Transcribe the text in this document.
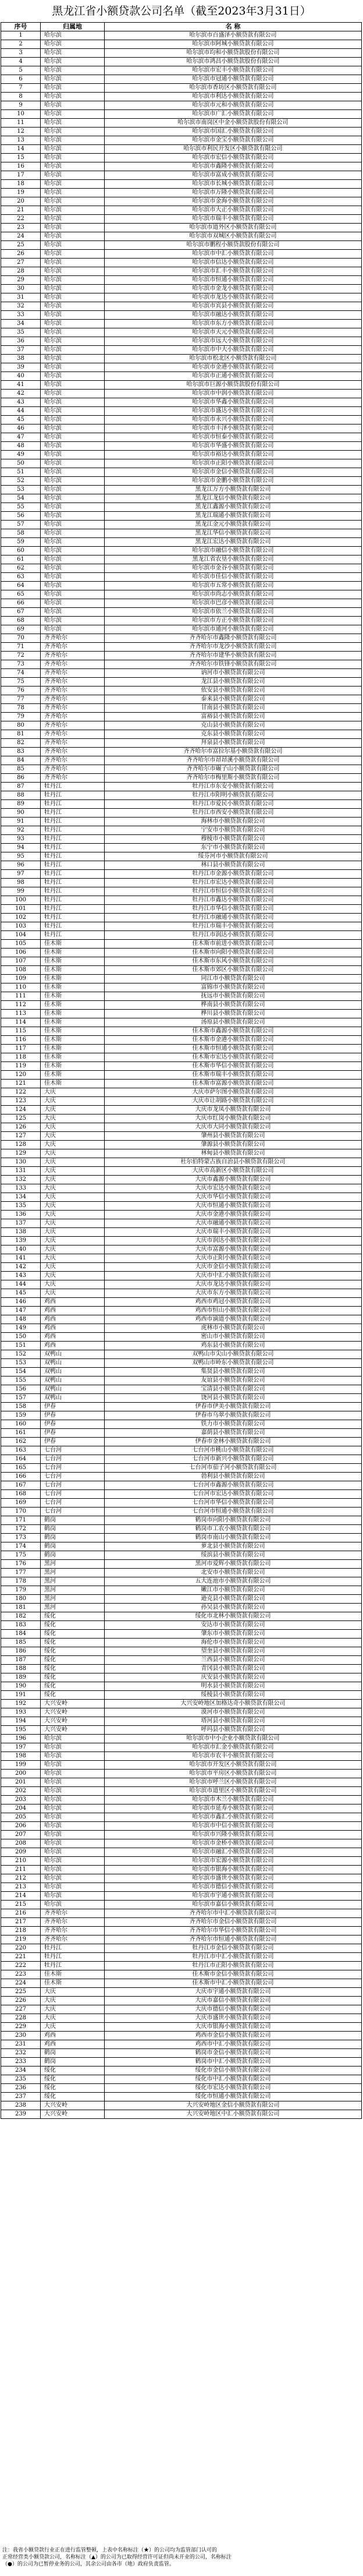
黑龙江省小额贷款公司名单（截至2023年3月31日）
序号	归属地	名 称
1	哈尔滨	哈尔滨市百盛泽小额贷款有限公司
2	哈尔滨	哈尔滨市阿城小额贷款有限公司
3	哈尔滨	哈尔滨市均和小额贷款股份有限公司
4	哈尔滨	哈尔滨市鸿昌小额贷款股份有限公司
5	哈尔滨	哈尔滨市宏丰小额贷款有限公司
6	哈尔滨	哈尔滨市冠通小额贷款有限公司
7	哈尔滨	哈尔滨市香坊区小额贷款有限公司
8	哈尔滨	哈尔滨市利达小额贷款有限公司
9	哈尔滨	哈尔滨市元和小额贷款有限公司
10	哈尔滨	哈尔滨市广汇小额贷款有限公司
11	哈尔滨	哈尔滨市南岗区中金小额贷款股份有限公司
12	哈尔滨	哈尔滨市国汇小额贷款有限公司
13	哈尔滨	哈尔滨市金宝小额贷款有限公司
14	哈尔滨	哈尔滨市利民开发区小额贷款有限公司
15	哈尔滨	哈尔滨市宏信小额贷款有限公司
16	哈尔滨	哈尔滨市鑫隆小额贷款有限公司
17	哈尔滨	哈尔滨市富成小额贷款有限公司
18	哈尔滨	哈尔滨市长城小额贷款有限公司
19	哈尔滨	哈尔滨市万隆小额贷款有限公司
20	哈尔滨	哈尔滨市金海小额贷款有限公司
21	哈尔滨	哈尔滨市大正小额贷款有限公司
22	哈尔滨	哈尔滨市瑞丰小额贷款有限公司
23	哈尔滨	哈尔滨市道外区小额贷款有限公司
24	哈尔滨	哈尔滨市双城区小额贷款有限公司
25	哈尔滨	哈尔滨市鹏程小额贷款股份有限公司
26	哈尔滨	哈尔滨市中汇小额贷款有限公司
27	哈尔滨	哈尔滨市信达小额贷款有限公司
28	哈尔滨	哈尔滨市汇丰小额贷款有限公司
29	哈尔滨	哈尔滨市恒通小额贷款有限公司
30	哈尔滨	哈尔滨市金龙小额贷款有限公司
31	哈尔滨	哈尔滨市龙达小额贷款有限公司
32	哈尔滨	哈尔滨市宾县小额贷款有限公司
33	哈尔滨	哈尔滨市融达小额贷款有限公司
34	哈尔滨	哈尔滨市东方小额贷款有限公司
35	哈尔滨	哈尔滨市天元小额贷款有限公司
36	哈尔滨	哈尔滨市远大小额贷款有限公司
37	哈尔滨	哈尔滨市中大小额贷款有限公司
38	哈尔滨	哈尔滨市松北区小额贷款有限公司
39	哈尔滨	哈尔滨市金港小额贷款有限公司
40	哈尔滨	哈尔滨市正通小额贷款有限公司
41	哈尔滨	哈尔滨市巨源小额贷款股份有限公司
42	哈尔滨	哈尔滨市中润小额贷款有限公司
43	哈尔滨	哈尔滨市华鑫小额贷款有限公司
44	哈尔滨	哈尔滨市盛达小额贷款有限公司
45	哈尔滨	哈尔滨市永兴小额贷款有限公司
46	哈尔滨	哈尔滨市丰泽小额贷款有限公司
47	哈尔滨	哈尔滨市恒泰小额贷款有限公司
48	哈尔滨	哈尔滨市华盛小额贷款有限公司
49	哈尔滨	哈尔滨市裕达小额贷款有限公司
50	哈尔滨	哈尔滨市正阳小额贷款有限公司
51	哈尔滨	哈尔滨市金信小额贷款有限公司
52	哈尔滨	哈尔滨市金鹏小额贷款有限公司
53	哈尔滨	黑龙江万方小额贷款有限公司
54	哈尔滨	黑龙江龙信小额贷款有限公司
55	哈尔滨	黑龙江鑫源小额贷款有限公司
56	哈尔滨	黑龙江瑞通小额贷款有限公司
57	哈尔滨	黑龙江金元小额贷款有限公司
58	哈尔滨	黑龙江华信小额贷款有限公司
59	哈尔滨	黑龙江宏达小额贷款有限公司
60	哈尔滨	哈尔滨市融信小额贷款有限公司
61	哈尔滨	黑龙江省农垦小额贷款有限公司
62	哈尔滨	哈尔滨市金谷小额贷款有限公司
63	哈尔滨	哈尔滨市佳信小额贷款有限公司
64	哈尔滨	哈尔滨市五常小额贷款有限公司
65	哈尔滨	哈尔滨市尚志小额贷款有限公司
66	哈尔滨	哈尔滨市巴彦小额贷款有限公司
67	哈尔滨	哈尔滨市依兰小额贷款有限公司
68	哈尔滨	哈尔滨市方正小额贷款有限公司
69	哈尔滨	哈尔滨市通河小额贷款有限公司
70	齐齐哈尔	齐齐哈尔市鑫隆小额贷款有限公司
71	齐齐哈尔	齐齐哈尔市龙沙小额贷款有限公司
72	齐齐哈尔	齐齐哈尔市建华小额贷款有限公司
73	齐齐哈尔	齐齐哈尔市铁锋小额贷款有限公司
74	齐齐哈尔	讷河市小额贷款有限公司
75	齐齐哈尔	龙江县小额贷款有限公司
76	齐齐哈尔	依安县小额贷款有限公司
77	齐齐哈尔	泰来县小额贷款有限公司
78	齐齐哈尔	甘南县小额贷款有限公司
79	齐齐哈尔	富裕县小额贷款有限公司
80	齐齐哈尔	克山县小额贷款有限公司
81	齐齐哈尔	克东县小额贷款有限公司
82	齐齐哈尔	拜泉县小额贷款有限公司
83	齐齐哈尔	齐齐哈尔市富拉尔基小额贷款有限公司
84	齐齐哈尔	齐齐哈尔市昂昂溪小额贷款有限公司
85	齐齐哈尔	齐齐哈尔市碾子山小额贷款有限公司
86	齐齐哈尔	齐齐哈尔市梅里斯小额贷款有限公司
87	牡丹江	牡丹江市东安小额贷款有限公司
88	牡丹江	牡丹江市阳明小额贷款有限公司
89	牡丹江	牡丹江市爱民小额贷款有限公司
90	牡丹江	牡丹江市西安小额贷款有限公司
91	牡丹江	海林市小额贷款有限公司
92	牡丹江	宁安市小额贷款有限公司
93	牡丹江	穆棱市小额贷款有限公司
94	牡丹江	东宁市小额贷款有限公司
95	牡丹江	绥芬河市小额贷款有限公司
96	牡丹江	林口县小额贷款有限公司
97	牡丹江	牡丹江市金源小额贷款有限公司
98	牡丹江	牡丹江市宏达小额贷款有限公司
99	牡丹江	牡丹江市恒信小额贷款有限公司
100	牡丹江	牡丹江市鑫达小额贷款有限公司
101	牡丹江	牡丹江市华信小额贷款有限公司
102	牡丹江	牡丹江市融通小额贷款有限公司
103	牡丹江	牡丹江市瑞丰小额贷款有限公司
104	牡丹江	牡丹江市润达小额贷款有限公司
105	佳木斯	佳木斯市前进小额贷款有限公司
106	佳木斯	佳木斯市向阳小额贷款有限公司
107	佳木斯	佳木斯市东风小额贷款有限公司
108	佳木斯	佳木斯市郊区小额贷款有限公司
109	佳木斯	同江市小额贷款有限公司
110	佳木斯	富锦市小额贷款有限公司
111	佳木斯	抚远市小额贷款有限公司
112	佳木斯	桦南县小额贷款有限公司
113	佳木斯	桦川县小额贷款有限公司
114	佳木斯	汤原县小额贷款有限公司
115	佳木斯	佳木斯市鑫源小额贷款有限公司
116	佳木斯	佳木斯市金港小额贷款有限公司
117	佳木斯	佳木斯市恒通小额贷款有限公司
118	佳木斯	佳木斯市宏达小额贷款有限公司
119	佳木斯	佳木斯市华信小额贷款有限公司
120	佳木斯	佳木斯市瑞丰小额贷款有限公司
121	佳木斯	佳木斯市富源小额贷款有限公司
122	大庆	大庆市萨尔图小额贷款有限公司
123	大庆	大庆市让胡路小额贷款有限公司
124	大庆	大庆市龙凤小额贷款有限公司
125	大庆	大庆市红岗小额贷款有限公司
126	大庆	大庆市大同小额贷款有限公司
127	大庆	肇州县小额贷款有限公司
128	大庆	肇源县小额贷款有限公司
129	大庆	林甸县小额贷款有限公司
130	大庆	杜尔伯特蒙古族自治县小额贷款有限公司
131	大庆	大庆市高新区小额贷款有限公司
132	大庆	大庆市鑫源小额贷款有限公司
133	大庆	大庆市宏达小额贷款有限公司
134	大庆	大庆市华信小额贷款有限公司
135	大庆	大庆市恒通小额贷款有限公司
136	大庆	大庆市金港小额贷款有限公司
137	大庆	大庆市融通小额贷款有限公司
138	大庆	大庆市瑞丰小额贷款有限公司
139	大庆	大庆市润达小额贷款有限公司
140	大庆	大庆市富源小额贷款有限公司
141	大庆	大庆市正阳小额贷款有限公司
142	大庆	大庆市金信小额贷款有限公司
143	大庆	大庆市中汇小额贷款有限公司
144	大庆	大庆市龙达小额贷款有限公司
145	大庆	大庆市东方小额贷款有限公司
146	鸡西	鸡西市鸡冠小额贷款有限公司
147	鸡西	鸡西市恒山小额贷款有限公司
148	鸡西	鸡西市滴道小额贷款有限公司
149	鸡西	虎林市小额贷款有限公司
150	鸡西	密山市小额贷款有限公司
151	鸡西	鸡东县小额贷款有限公司
152	双鸭山	双鸭山市尖山小额贷款有限公司
153	双鸭山	双鸭山市岭东小额贷款有限公司
154	双鸭山	集贤县小额贷款有限公司
155	双鸭山	友谊县小额贷款有限公司
156	双鸭山	宝清县小额贷款有限公司
157	双鸭山	饶河县小额贷款有限公司
158	伊春	伊春市伊美小额贷款有限公司
159	伊春	伊春市乌翠小额贷款有限公司
160	伊春	铁力市小额贷款有限公司
161	伊春	嘉荫县小额贷款有限公司
162	伊春	伊春市金林小额贷款有限公司
163	七台河	七台河市桃山小额贷款有限公司
164	七台河	七台河市新兴小额贷款有限公司
165	七台河	七台河市茄子河小额贷款有限公司
166	七台河	勃利县小额贷款有限公司
167	七台河	七台河市鑫源小额贷款有限公司
168	七台河	七台河市宏达小额贷款有限公司
169	七台河	七台河市华信小额贷款有限公司
170	七台河	七台河市恒通小额贷款有限公司
171	鹤岗	鹤岗市向阳小额贷款有限公司
172	鹤岗	鹤岗市工农小额贷款有限公司
173	鹤岗	鹤岗市南山小额贷款有限公司
174	鹤岗	萝北县小额贷款有限公司
175	鹤岗	绥滨县小额贷款有限公司
176	黑河	黑河市爱辉小额贷款有限公司
177	黑河	北安市小额贷款有限公司
178	黑河	五大连池市小额贷款有限公司
179	黑河	嫩江市小额贷款有限公司
180	黑河	逊克县小额贷款有限公司
181	黑河	孙吴县小额贷款有限公司
182	绥化	绥化市北林小额贷款有限公司
183	绥化	安达市小额贷款有限公司
184	绥化	肇东市小额贷款有限公司
185	绥化	海伦市小额贷款有限公司
186	绥化	望奎县小额贷款有限公司
187	绥化	兰西县小额贷款有限公司
188	绥化	青冈县小额贷款有限公司
189	绥化	庆安县小额贷款有限公司
190	绥化	明水县小额贷款有限公司
191	绥化	绥棱县小额贷款有限公司
192	大兴安岭	大兴安岭地区加格达奇小额贷款有限公司
193	大兴安岭	漠河市小额贷款有限公司
194	大兴安岭	塔河县小额贷款有限公司
195	大兴安岭	呼玛县小额贷款有限公司
196	哈尔滨	哈尔滨市中小企业小额贷款有限公司
197	哈尔滨	哈尔滨市汇金小额贷款有限公司
198	哈尔滨	哈尔滨市农丰小额贷款有限公司
199	哈尔滨	哈尔滨市开发区小额贷款有限公司
200	哈尔滨	哈尔滨市平房区小额贷款有限公司
201	哈尔滨	哈尔滨市呼兰区小额贷款有限公司
202	哈尔滨	哈尔滨市道里区小额贷款有限公司
203	哈尔滨	哈尔滨市木兰小额贷款有限公司
204	哈尔滨	哈尔滨市延寿小额贷款有限公司
205	哈尔滨	哈尔滨市鑫汇小额贷款有限公司
206	哈尔滨	哈尔滨市中信小额贷款有限公司
207	哈尔滨	哈尔滨市兴隆小额贷款有限公司
208	哈尔滨	哈尔滨市金桥小额贷款有限公司
209	哈尔滨	哈尔滨市融汇小额贷款有限公司
210	哈尔滨	哈尔滨市宏源小额贷款有限公司
211	哈尔滨	哈尔滨市银海小额贷款有限公司
212	哈尔滨	哈尔滨市盛世小额贷款有限公司
213	哈尔滨	哈尔滨市德信小额贷款有限公司
214	哈尔滨	哈尔滨市宇通小额贷款有限公司
215	哈尔滨	哈尔滨市嘉信小额贷款有限公司
216	齐齐哈尔	齐齐哈尔市中汇小额贷款有限公司
217	齐齐哈尔	齐齐哈尔市金信小额贷款有限公司
218	齐齐哈尔	齐齐哈尔市华信小额贷款有限公司
219	齐齐哈尔	齐齐哈尔市恒通小额贷款有限公司
220	牡丹江	牡丹江市金信小额贷款有限公司
221	牡丹江	牡丹江市中汇小额贷款有限公司
222	牡丹江	牡丹江市正阳小额贷款有限公司
223	佳木斯	佳木斯市金信小额贷款有限公司
224	佳木斯	佳木斯市中汇小额贷款有限公司
225	大庆	大庆市宇通小额贷款有限公司
226	大庆	大庆市嘉信小额贷款有限公司
227	大庆	大庆市德信小额贷款有限公司
228	大庆	大庆市盛世小额贷款有限公司
229	大庆	大庆市银海小额贷款有限公司
230	鸡西	鸡西市金信小额贷款有限公司
231	鸡西	鸡西市中汇小额贷款有限公司
232	鹤岗	鹤岗市金信小额贷款有限公司
233	鹤岗	鹤岗市中汇小额贷款有限公司
234	绥化	绥化市金信小额贷款有限公司
235	绥化	绥化市中汇小额贷款有限公司
236	绥化	绥化市宏达小额贷款有限公司
237	绥化	绥化市恒通小额贷款有限公司
238	大兴安岭	大兴安岭地区金信小额贷款有限公司
239	大兴安岭	大兴安岭地区中汇小额贷款有限公司

注：我省小额贷款行业正在进行监管整顿，上表中名称标注（★）的公司均为监管部门认可的

正常经营类小额贷款公司，名称标注（▲）的公司为已取得经营许可证但尚未开业的公司，名称标注

（●）的公司为已暂停业务的公司，其余公司由各市（地）政府负责监管。
